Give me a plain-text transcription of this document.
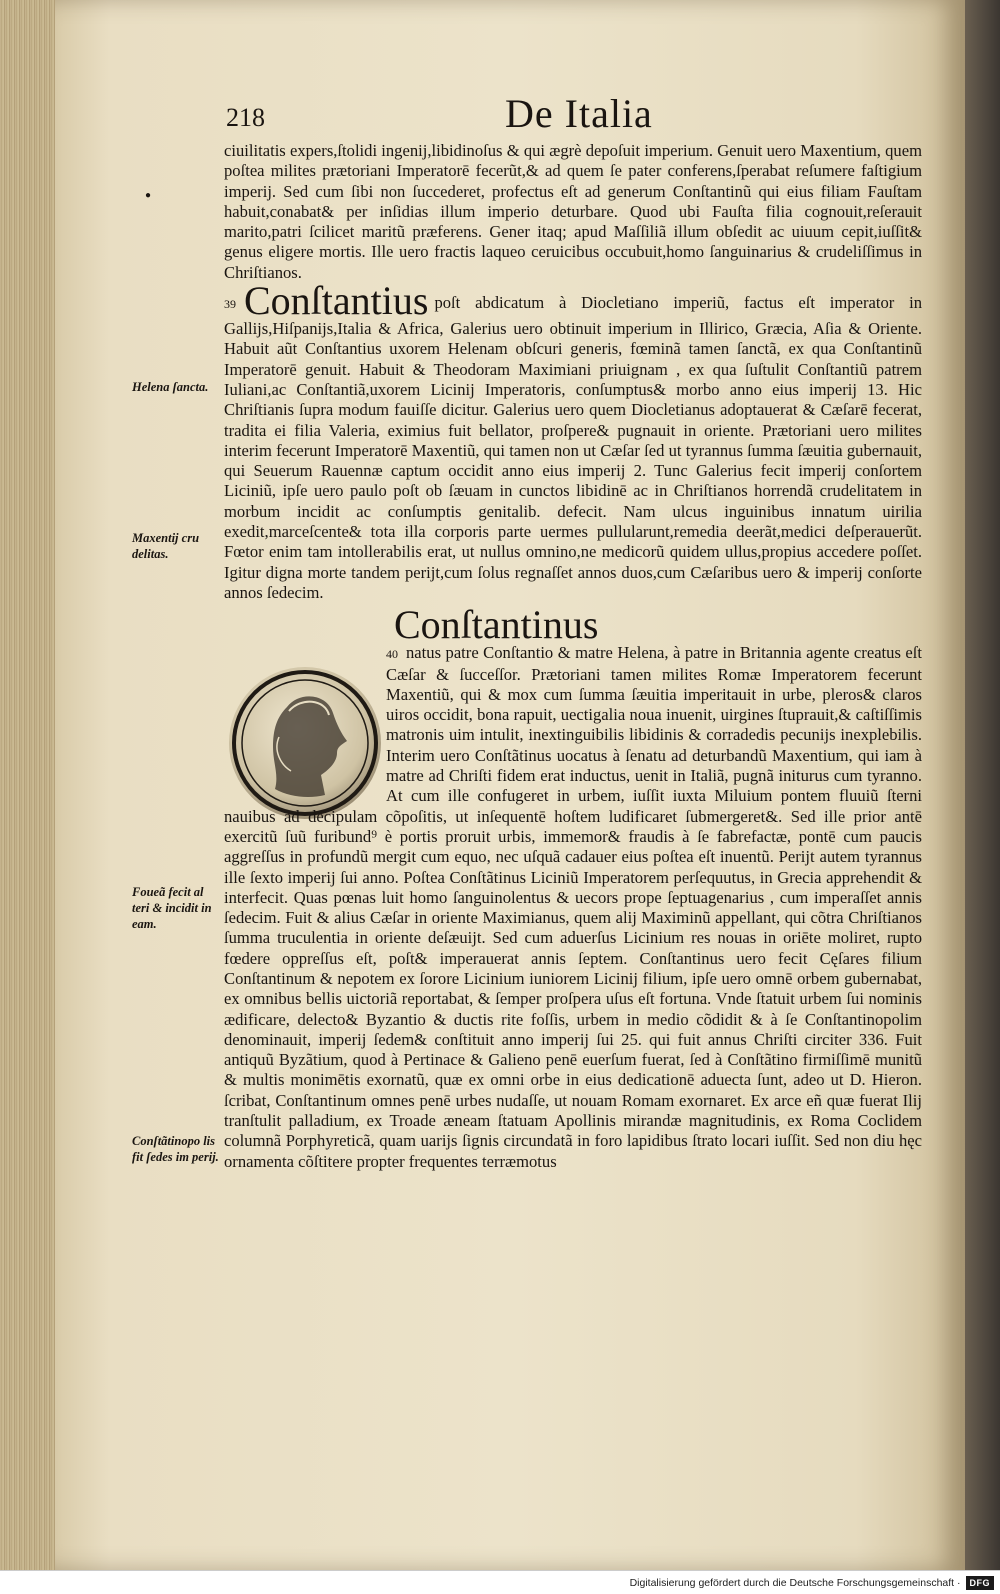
218	De Italia
●
Helena ſancta.
Maxentij cru delitas.
Foueã fecit al teri & incidit in eam.
Conſtãtinopo lis fit ſedes im perij.

ciuilitatis expers,ſtolidi ingenij,libidinoſus & qui ægrè depoſuit imperium. Genuit uero Maxentium, quem poſtea milites prætoriani Imperatorē fecerũt,& ad quem ſe pater conferens,ſperabat reſumere faſtigium imperij. Sed cum ſibi non ſuccederet, profectus eſt ad generum Conſtantinũ qui eius filiam Fauſtam habuit,conabat& per inſidias illum imperio deturbare. Quod ubi Fauſta filia cognouit,reſerauit marito,patri ſcilicet maritũ præferens. Gener itaq; apud Maſſiliã illum obſedit ac uiuum cepit,iuſſit& genus eligere mortis. Ille uero fractis laqueo ceruicibus occubuit,homo ſanguinarius & crudeliſſimus in Chriſtianos.

39 Conſtantius poſt abdicatum à Diocletiano imperiũ, factus eſt imperator in Gallijs,Hiſpanijs,Italia & Africa, Galerius uero obtinuit imperium in Illirico, Græcia, Aſia & Oriente. Habuit aũt Conſtantius uxorem Helenam obſcuri generis, fœminã tamen ſanctã, ex qua Conſtantinũ Imperatorē genuit. Habuit & Theodoram Maximiani priuignam , ex qua ſuſtulit Conſtantiũ patrem Iuliani,ac Conſtantiã,uxorem Licinij Imperatoris, conſumptus& morbo anno eius imperij 13. Hic Chriſtianis ſupra modum fauiſſe dicitur. Galerius uero quem Diocletianus adoptauerat & Cæſarē fecerat, tradita ei filia Valeria, eximius fuit bellator, proſpere& pugnauit in oriente. Prætoriani uero milites interim fecerunt Imperatorē Maxentiũ, qui tamen non ut Cæſar ſed ut tyrannus ſumma ſæuitia gubernauit, qui Seuerum Rauennæ captum occidit anno eius imperij 2. Tunc Galerius fecit imperij conſortem Liciniũ, ipſe uero paulo poſt ob ſæuam in cunctos libidinē ac in Chriſtianos horrendã crudelitatem in morbum incidit ac conſumptis genitalib. defecit. Nam ulcus inguinibus innatum uirilia exedit,marceſcente& tota illa corporis parte uermes pullularunt,remedia deerãt,medici deſperauerũt. Fœtor enim tam intollerabilis erat, ut nullus omnino,ne medicorũ quidem ullus,propius accedere poſſet. Igitur digna morte tandem perijt,cum ſolus regnaſſet annos duos,cum Cæſaribus uero & imperij conſorte annos ſedecim.

Conſtantinus

40 natus patre Conſtantio & matre Helena, à patre in Britannia agente creatus eſt Cæſar & ſucceſſor. Prætoriani tamen milites Romæ Imperatorem fecerunt Maxentiũ, qui & mox cum ſumma ſæuitia imperitauit in urbe, pleros& claros uiros occidit, bona rapuit, uectigalia noua inuenit, uirgines ſtuprauit,& caſtiſſimis matronis uim intulit, inextinguibilis libidinis & corradedis pecunijs inexplebilis. Interim uero Conſtãtinus uocatus à ſenatu ad deturbandũ Maxentium, qui iam à matre ad Chriſti fidem erat inductus, uenit in Italiã, pugnã initurus cum tyranno. At cum ille confugeret in urbem, iuſſit iuxta Miluium pontem fluuiũ ſterni nauibus ad decipulam cõpoſitis, ut inſequentē hoſtem ludificaret ſubmergeret&. Sed ille prior antē exercitũ ſuũ furibund⁹ è portis proruit urbis, immemor& fraudis à ſe fabrefactæ, pontē cum paucis aggreſſus in profundũ mergit cum equo, nec uſquã cadauer eius poſtea eſt inuentũ. Perijt autem tyrannus ille ſexto imperij ſui anno. Poſtea Conſtãtinus Liciniũ Imperatorem perſequutus, in Grecia apprehendit & interfecit. Quas pœnas luit homo ſanguinolentus & uecors prope ſeptuagenarius , cum imperaſſet annis ſedecim. Fuit & alius Cæſar in oriente Maximianus, quem alij Maximinũ appellant, qui cõtra Chriſtianos ſumma truculentia in oriente deſæuijt. Sed cum aduerſus Licinium res nouas in oriēte moliret, rupto fœdere oppreſſus eſt, poſt& imperauerat annis ſeptem. Conſtantinus uero fecit Cęſares filium Conſtantinum & nepotem ex ſorore Licinium iuniorem Licinij filium, ipſe uero omnē orbem gubernabat, ex omnibus bellis uictoriã reportabat, & ſemper proſpera uſus eſt fortuna. Vnde ſtatuit urbem ſui nominis ædificare, delecto& Byzantio & ductis rite foſſis, urbem in medio cõdidit & à ſe Conſtantinopolim denominauit, imperij ſedem& conſtituit anno imperij ſui 25. qui fuit annus Chriſti circiter 336. Fuit antiquũ Byzãtium, quod à Pertinace & Galieno penē euerſum fuerat, ſed à Conſtãtino firmiſſimē munitũ & multis monimētis exornatũ, quæ ex omni orbe in eius dedicationē aduecta ſunt, adeo ut D. Hieron. ſcribat, Conſtantinum omnes penē urbes nudaſſe, ut nouam Romam exornaret. Ex arce eñ quæ fuerat Ilij tranſtulit palladium, ex Troade æneam ſtatuam Apollinis mirandæ magnitudinis, ex Roma Coclidem columnã Porphyreticã, quam uarijs ſignis circundatã in foro lapidibus ſtrato locari iuſſit. Sed non diu hęc ornamenta cõſtitere propter frequentes terræmotus

Digitalisierung gefördert durch die Deutsche Forschungsgemeinschaft ·	DFG
